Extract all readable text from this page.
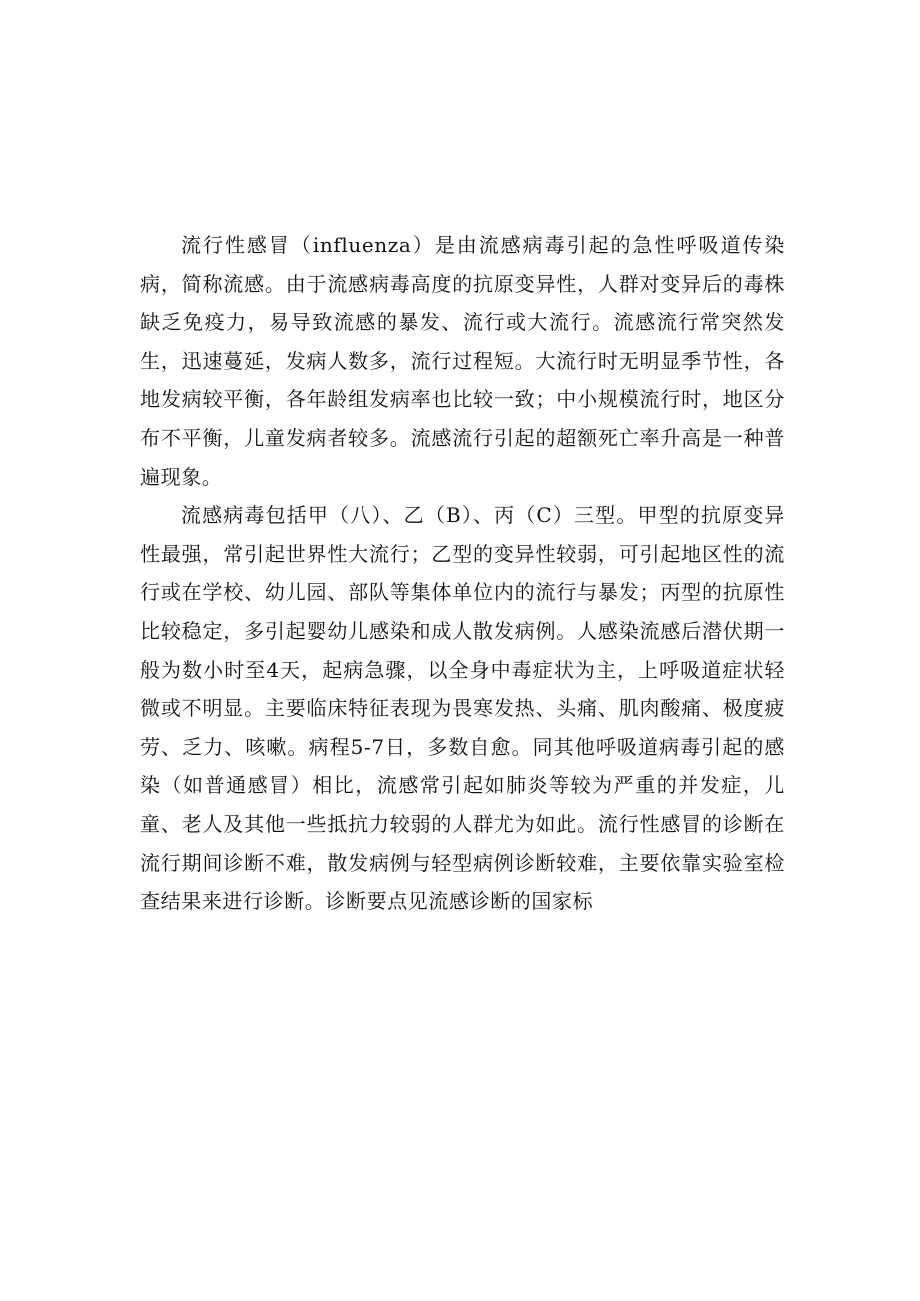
流行性感冒（influenza）是由流感病毒引起的急性呼吸道传染病，简称流感。由于流感病毒高度的抗原变异性，人群对变异后的毒株缺乏免疫力，易导致流感的暴发、流行或大流行。流感流行常突然发生，迅速蔓延，发病人数多，流行过程短。大流行时无明显季节性，各地发病较平衡，各年龄组发病率也比较一致；中小规模流行时，地区分布不平衡，儿童发病者较多。流感流行引起的超额死亡率升高是一种普遍现象。

流感病毒包括甲（八）、乙（B）、丙（C）三型。甲型的抗原变异性最强，常引起世界性大流行；乙型的变异性较弱，可引起地区性的流行或在学校、幼儿园、部队等集体单位内的流行与暴发；丙型的抗原性比较稳定，多引起婴幼儿感染和成人散发病例。人感染流感后潜伏期一般为数小时至4天，起病急骤，以全身中毒症状为主，上呼吸道症状轻微或不明显。主要临床特征表现为畏寒发热、头痛、肌肉酸痛、极度疲劳、乏力、咳嗽。病程5-7日，多数自愈。同其他呼吸道病毒引起的感染（如普通感冒）相比，流感常引起如肺炎等较为严重的并发症，儿童、老人及其他一些抵抗力较弱的人群尤为如此。流行性感冒的诊断在流行期间诊断不难，散发病例与轻型病例诊断较难，主要依靠实验室检查结果来进行诊断。诊断要点见流感诊断的国家标
